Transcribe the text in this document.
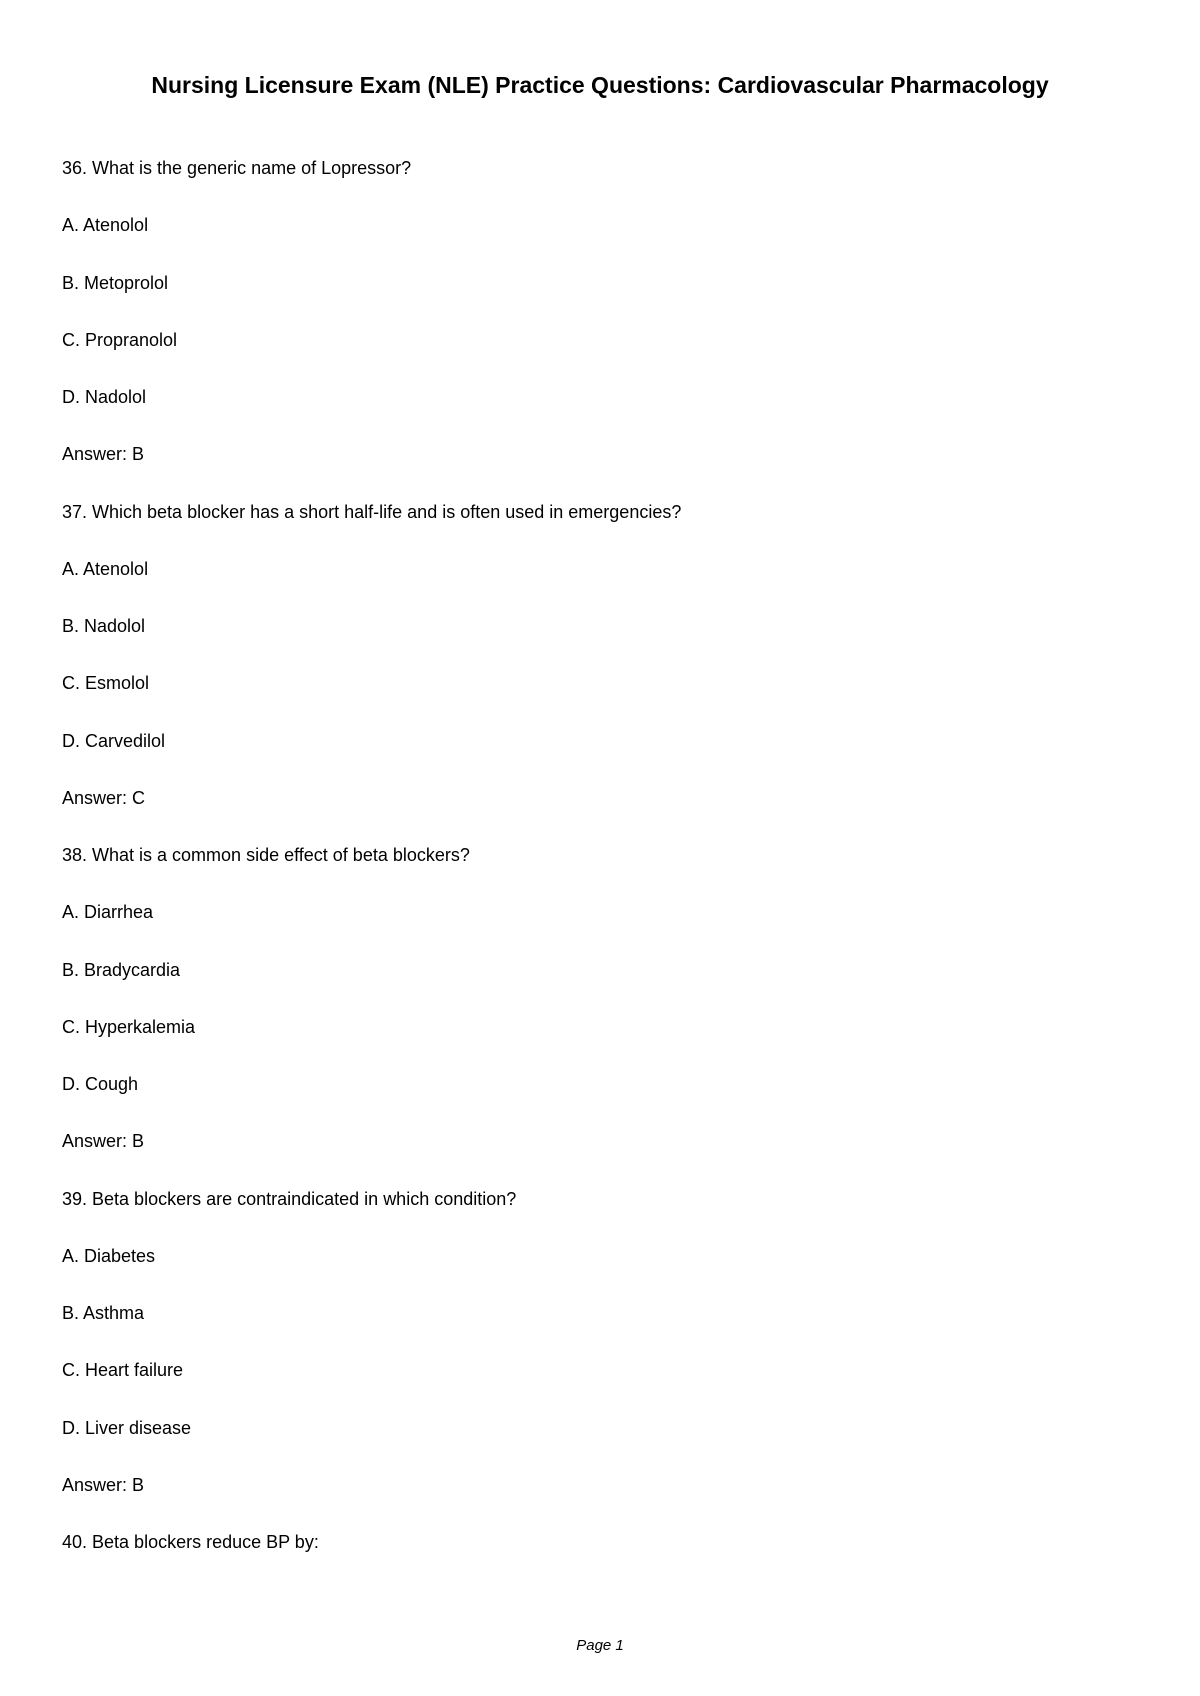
Nursing Licensure Exam (NLE) Practice Questions: Cardiovascular Pharmacology
36. What is the generic name of Lopressor?
A. Atenolol
B. Metoprolol
C. Propranolol
D. Nadolol
Answer: B
37. Which beta blocker has a short half-life and is often used in emergencies?
A. Atenolol
B. Nadolol
C. Esmolol
D. Carvedilol
Answer: C
38. What is a common side effect of beta blockers?
A. Diarrhea
B. Bradycardia
C. Hyperkalemia
D. Cough
Answer: B
39. Beta blockers are contraindicated in which condition?
A. Diabetes
B. Asthma
C. Heart failure
D. Liver disease
Answer: B
40. Beta blockers reduce BP by:
Page 1
